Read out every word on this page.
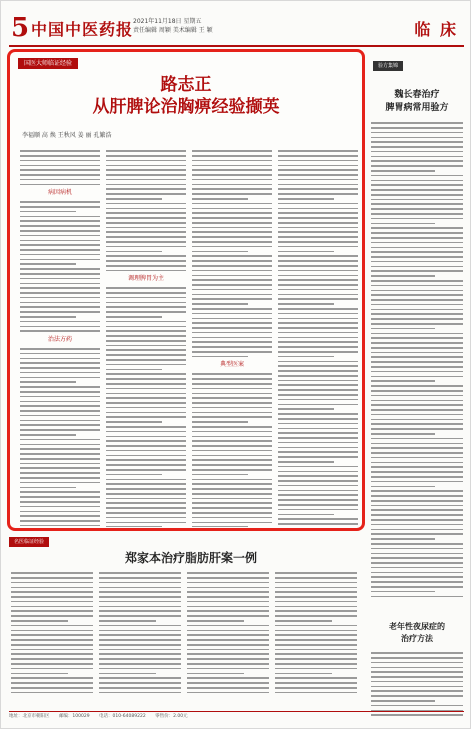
5 中国中医药报 2021年11月18日 星期五
责任编辑 周颖 美术编辑 王 颖	临 床
国医大师临证经验
路志正
从肝脾论治胸痹经验撷英
李福顺 高 焕 王秋风 姜 丽 孔繁浩
病因病机
治法方药
调理脾胃为主
典型医案
验方集锦
魏长春治疗
脾胃病常用验方
老年性夜尿症的
治疗方法
名医临证经验
郑家本治疗脂肪肝案一例
地址：北京市朝阳区 邮编：100029 电话：010-64089222 零售价：2.00元
